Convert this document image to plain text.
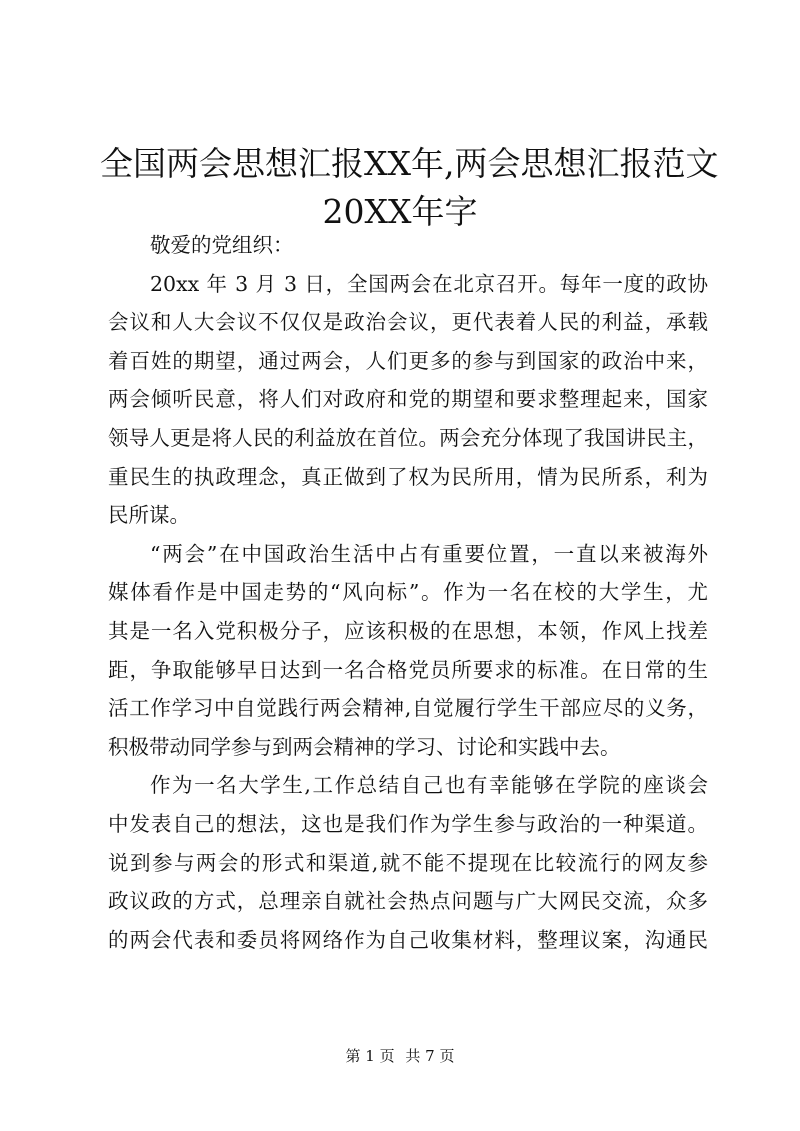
全国两会思想汇报XX年,两会思想汇报范文
20XX年字
敬爱的党组织：
20xx 年 3 月 3 日，全国两会在北京召开。每年一度的政协
会议和人大会议不仅仅是政治会议，更代表着人民的利益，承载
着百姓的期望，通过两会，人们更多的参与到国家的政治中来，
两会倾听民意，将人们对政府和党的期望和要求整理起来，国家
领导人更是将人民的利益放在首位。两会充分体现了我国讲民主，
重民生的执政理念，真正做到了权为民所用，情为民所系，利为
民所谋。
“两会”在中国政治生活中占有重要位置，一直以来被海外
媒体看作是中国走势的“风向标”。作为一名在校的大学生，尤
其是一名入党积极分子，应该积极的在思想，本领，作风上找差
距，争取能够早日达到一名合格党员所要求的标准。在日常的生
活工作学习中自觉践行两会精神,自觉履行学生干部应尽的义务，
积极带动同学参与到两会精神的学习、讨论和实践中去。
作为一名大学生,工作总结自己也有幸能够在学院的座谈会
中发表自己的想法，这也是我们作为学生参与政治的一种渠道。
说到参与两会的形式和渠道,就不能不提现在比较流行的网友参
政议政的方式，总理亲自就社会热点问题与广大网民交流，众多
的两会代表和委员将网络作为自己收集材料，整理议案，沟通民
第 1 页 共 7 页
